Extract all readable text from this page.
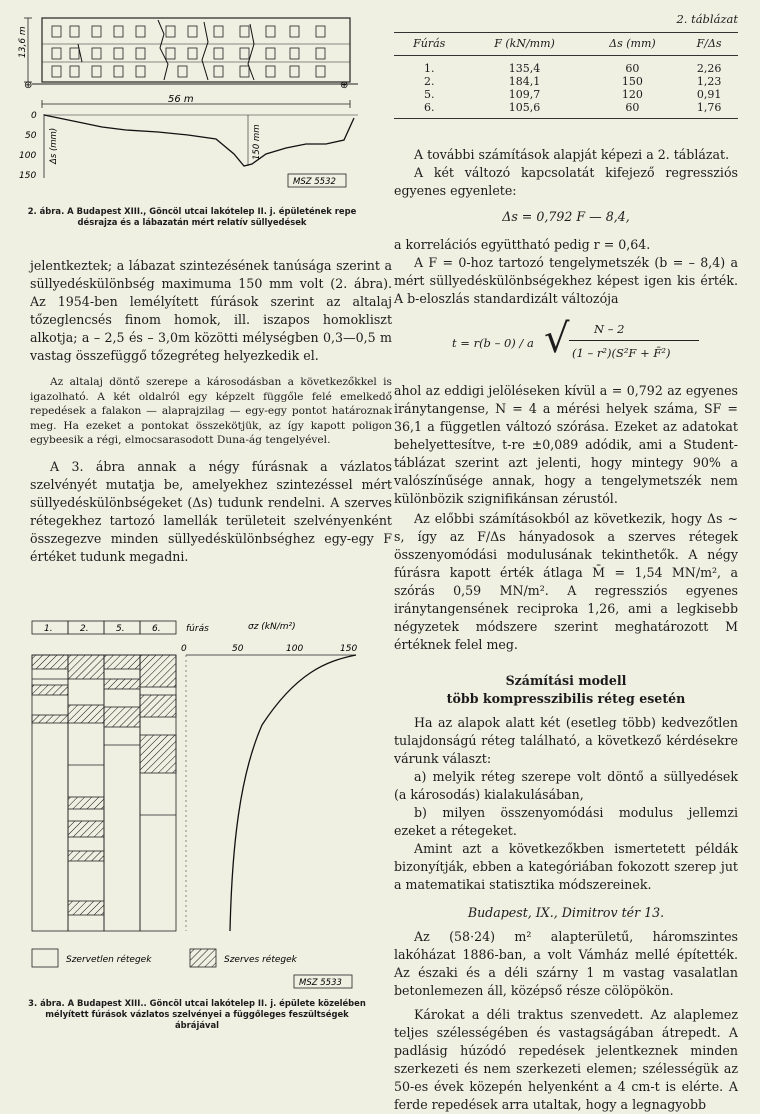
13,6 m
⊕	⊕
56 m
0
50
100
150
Δs (mm)	150 mm
MSZ 5532
2. ábra. A Budapest XIII., Göncöl utcai lakótelep II. j. épületének repe désrajza és a lábazatán mért relatív süllyedések

jelentkeztek; a lábazat szintezésének tanúsága szerint a süllyedéskülönbség maximuma 150 mm volt (2. ábra). Az 1954-ben lemélyített fúrások szerint az altalaj tőzeglencsés finom homok, ill. iszapos homokliszt alkotja; a – 2,5 és – 3,0m közötti mélységben 0,3—0,5 m vastag összefüggő tőzegréteg helyezkedik el.

Az altalaj döntő szerepe a károsodásban a következőkkel is igazolható. A két oldalról egy képzelt függőle felé emelkedő repedések a falakon — alaprajzilag — egy-egy pontot határoznak meg. Ha ezeket a pontokat összekötjük, az így kapott poligon egybeesik a régi, elmocsarasodott Duna-ág tengelyével.

A 3. ábra annak a négy fúrásnak a vázlatos szelvényét mutatja be, amelyekhez szintezéssel mért süllyedéskülönbségeket (Δs) tudunk rendelni. A szerves rétegekhez tartozó lamellák területeit szelvényenként összegezve minden süllyedéskülönbséghez egy-egy F értéket tudunk megadni.

1.	2.	5.	6.	fúrás	σz (kN/m²)
0	50	100	150
Szervetlen rétegek	Szerves rétegek
MSZ 5533
3. ábra. A Budapest XIII.. Göncöl utcai lakótelep II. j. épülete közelében mélyített fúrások vázlatos szelvényei a függőleges feszültségek ábrájával
2. táblázat
Fúrás	F (kN/mm)	Δs (mm)	F/Δs
1.	135,4	60	2,26
2.	184,1	150	1,23
5.	109,7	120	0,91
6.	105,6	60	1,76

A további számítások alapját képezi a 2. táblázat.

A két változó kapcsolatát kifejező regressziós egyenes egyenlete:

Δs = 0,792 F — 8,4,

a korrelációs együttható pedig r = 0,64.

A F = 0-hoz tartozó tengelymetszék (b = – 8,4) a mért süllyedéskülönbségekhez képest igen kis érték. A b-eloszlás standardizált változója

t = r(b – 0) / a √ N – 2
(1 – r²)(S²F + F̄²)

ahol az eddigi jelöléseken kívül a = 0,792 az egyenes iránytangense, N = 4 a mérési helyek száma, SF = 36,1 a független változó szórása. Ezeket az adatokat behelyettesítve, t-re ±0,089 adódik, ami a Student-táblázat szerint azt jelenti, hogy mintegy 90% a valószínűsége annak, hogy a tengelymetszék nem különbözik szignifikánsan zérustól.

Az előbbi számításokból az következik, hogy Δs ~ s, így az F/Δs hányadosok a szerves rétegek összenyomódási modulusának tekinthetők. A négy fúrásra kapott érték átlaga M̄ = 1,54 MN/m², a szórás 0,59 MN/m². A regressziós egyenes iránytangensének reciproka 1,26, ami a legkisebb négyzetek módszere szerint meghatározott M értéknek felel meg.

Számítási modell
több kompresszibilis réteg esetén

Ha az alapok alatt két (esetleg több) kedvezőtlen tulajdonságú réteg található, a következő kérdésekre várunk választ:

a) melyik réteg szerepe volt döntő a süllyedések (a károsodás) kialakulásában,

b) milyen összenyomódási modulus jellemzi ezeket a rétegeket.

Amint azt a következőkben ismertetett példák bizonyítják, ebben a kategóriában fokozott szerep jut a matematikai statisztika módszereinek.

Budapest, IX., Dimitrov tér 13.

Az (58·24) m² alapterületű, háromszintes lakóházat 1886-ban, a volt Vámház mellé építették. Az északi és a déli szárny 1 m vastag vasalatlan betonlemezen áll, középső része cölöpökön.

Károkat a déli traktus szenvedett. Az alaplemez teljes szélességében és vastagságában átrepedt. A padlásig húzódó repedések jelentkeznek minden szerkezeti és nem szerkezeti elemen; szélességük az 50-es évek közepén helyenként a 4 cm-t is elérte. A ferde repedések arra utaltak, hogy a legnagyobb
